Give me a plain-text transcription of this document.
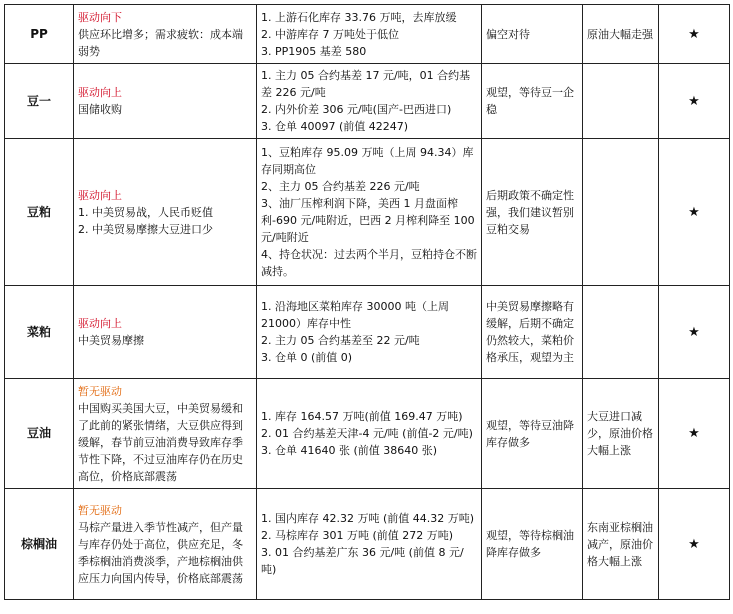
PP	驱动向下
供应环比增多；需求疲软：成本端弱势	1. 上游石化库存 33.76 万吨，去库放缓
2. 中游库存 7 万吨处于低位
3. PP1905 基差 580	偏空对待	原油大幅走强	★
豆一	驱动向上
国储收购	1. 主力 05 合约基差 17 元/吨，01 合约基差 226 元/吨
2. 内外价差 306 元/吨(国产-巴西进口)
3. 仓单 40097 (前值 42247)	观望，等待豆一企稳		★
豆粕	驱动向上
1. 中美贸易战，人民币贬值
2. 中美贸易摩擦大豆进口少	1、豆粕库存 95.09 万吨（上周 94.34）库存同期高位
2、主力 05 合约基差 226 元/吨
3、油厂压榨利润下降，美西 1 月盘面榨利-690 元/吨附近，巴西 2 月榨利降至 100 元/吨附近
4、持仓状况：过去两个半月，豆粕持仓不断减持。	后期政策不确定性强，我们建议暂别豆粕交易		★
菜粕	驱动向上
中美贸易摩擦	1. 沿海地区菜粕库存 30000 吨（上周 21000）库存中性
2. 主力 05 合约基差至 22 元/吨
3. 仓单 0 (前值 0)	中美贸易摩擦略有缓解，后期不确定仍然较大，菜粕价格承压，观望为主		★
豆油	暂无驱动
中国购买美国大豆，中美贸易缓和了此前的紧张情绪，大豆供应得到缓解，春节前豆油消费导致库存季节性下降，不过豆油库存仍在历史高位，价格底部震荡	1. 库存 164.57 万吨(前值 169.47 万吨)
2. 01 合约基差天津-4 元/吨 (前值-2 元/吨)
3. 仓单 41640 张 (前值 38640 张)	观望，等待豆油降库存做多	大豆进口减少，原油价格大幅上涨	★
棕榈油	暂无驱动
马棕产量进入季节性减产，但产量与库存仍处于高位，供应充足，冬季棕榈油消费淡季，产地棕榈油供应压力向国内传导，价格底部震荡	1. 国内库存 42.32 万吨 (前值 44.32 万吨)
2. 马棕库存 301 万吨 (前值 272 万吨)
3. 01 合约基差广东 36 元/吨 (前值 8 元/吨)	观望，等待棕榈油降库存做多	东南亚棕榈油减产，原油价格大幅上涨	★
